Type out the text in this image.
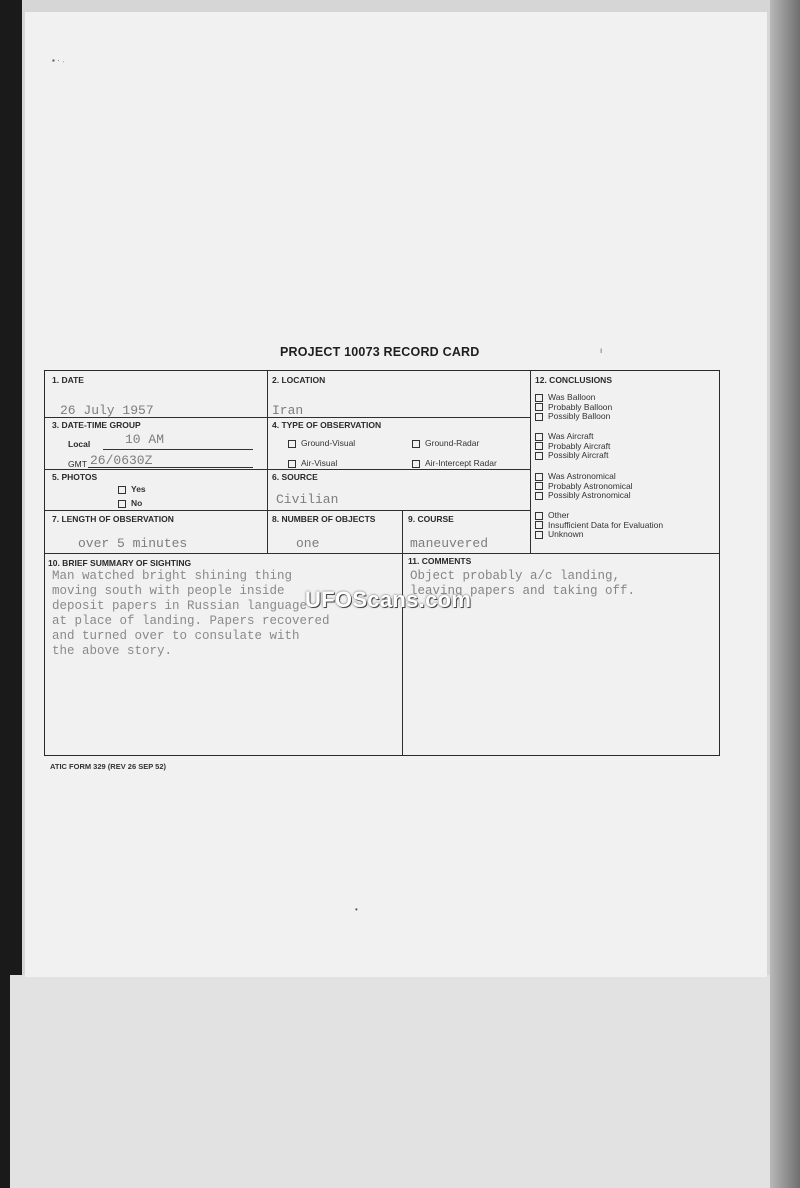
▪ · ˒
ı
•
PROJECT 10073 RECORD CARD
1. DATE
26 July 1957
2. LOCATION
Iran
3. DATE-TIME GROUP
Local	10 AM
GMT 26/0630Z
4. TYPE OF OBSERVATION
Ground-Visual	Ground-Radar
Air-Visual	Air-Intercept Radar
5. PHOTOS
Yes
No
6. SOURCE
Civilian
7. LENGTH OF OBSERVATION
over 5 minutes
8. NUMBER OF OBJECTS
one
9. COURSE
maneuvered
12. CONCLUSIONS
Was Balloon
Probably Balloon
Possibly Balloon
Was Aircraft
Probably Aircraft
Possibly Aircraft
Was Astronomical
Probably Astronomical
Possibly Astronomical
Other
Insufficient Data for Evaluation
Unknown
10. BRIEF SUMMARY OF SIGHTING
Man watched bright shining thing
moving south with people inside
deposit papers in Russian language
at place of landing. Papers recovered
and turned over to consulate with
the above story.
11. COMMENTS
Object probably a/c landing,
leaving papers and taking off.
UFOScans.com
ATIC FORM 329 (REV 26 SEP 52)
